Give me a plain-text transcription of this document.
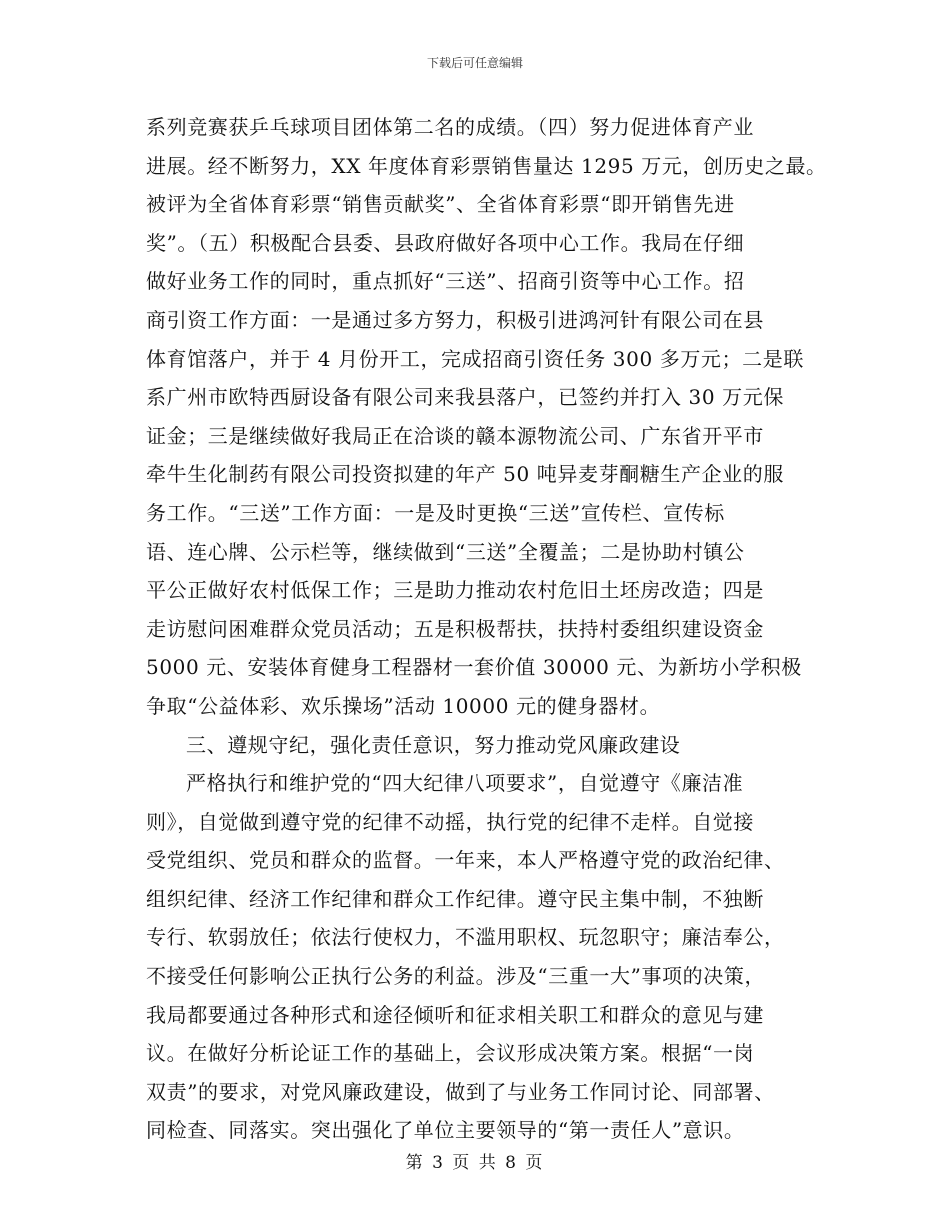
下载后可任意编辑
系列竞赛获乒乓球项目团体第二名的成绩。（四）努力促进体育产业
进展。经不断努力，XX 年度体育彩票销售量达 1295 万元，创历史之最。
被评为全省体育彩票“销售贡献奖”、全省体育彩票“即开销售先进
奖”。（五）积极配合县委、县政府做好各项中心工作。我局在仔细
做好业务工作的同时，重点抓好“三送”、招商引资等中心工作。招
商引资工作方面：一是通过多方努力，积极引进鸿河针有限公司在县
体育馆落户，并于 4 月份开工，完成招商引资任务 300 多万元；二是联
系广州市欧特西厨设备有限公司来我县落户，已签约并打入 30 万元保
证金；三是继续做好我局正在洽谈的赣本源物流公司、广东省开平市
牵牛生化制药有限公司投资拟建的年产 50 吨异麦芽酮糖生产企业的服
务工作。“三送”工作方面：一是及时更换“三送”宣传栏、宣传标
语、连心牌、公示栏等，继续做到“三送”全覆盖；二是协助村镇公
平公正做好农村低保工作；三是助力推动农村危旧土坯房改造；四是
走访慰问困难群众党员活动；五是积极帮扶，扶持村委组织建设资金
5000 元、安装体育健身工程器材一套价值 30000 元、为新坊小学积极
争取“公益体彩、欢乐操场”活动 10000 元的健身器材。
三、遵规守纪，强化责任意识，努力推动党风廉政建设
严格执行和维护党的“四大纪律八项要求”，自觉遵守《廉洁准
则》，自觉做到遵守党的纪律不动摇，执行党的纪律不走样。自觉接
受党组织、党员和群众的监督。一年来，本人严格遵守党的政治纪律、
组织纪律、经济工作纪律和群众工作纪律。遵守民主集中制，不独断
专行、软弱放任；依法行使权力，不滥用职权、玩忽职守；廉洁奉公，
不接受任何影响公正执行公务的利益。涉及“三重一大”事项的决策，
我局都要通过各种形式和途径倾听和征求相关职工和群众的意见与建
议。在做好分析论证工作的基础上，会议形成决策方案。根据“一岗
双责”的要求，对党风廉政建设，做到了与业务工作同讨论、同部署、
同检查、同落实。突出强化了单位主要领导的“第一责任人”意识。
第 3 页 共 8 页
